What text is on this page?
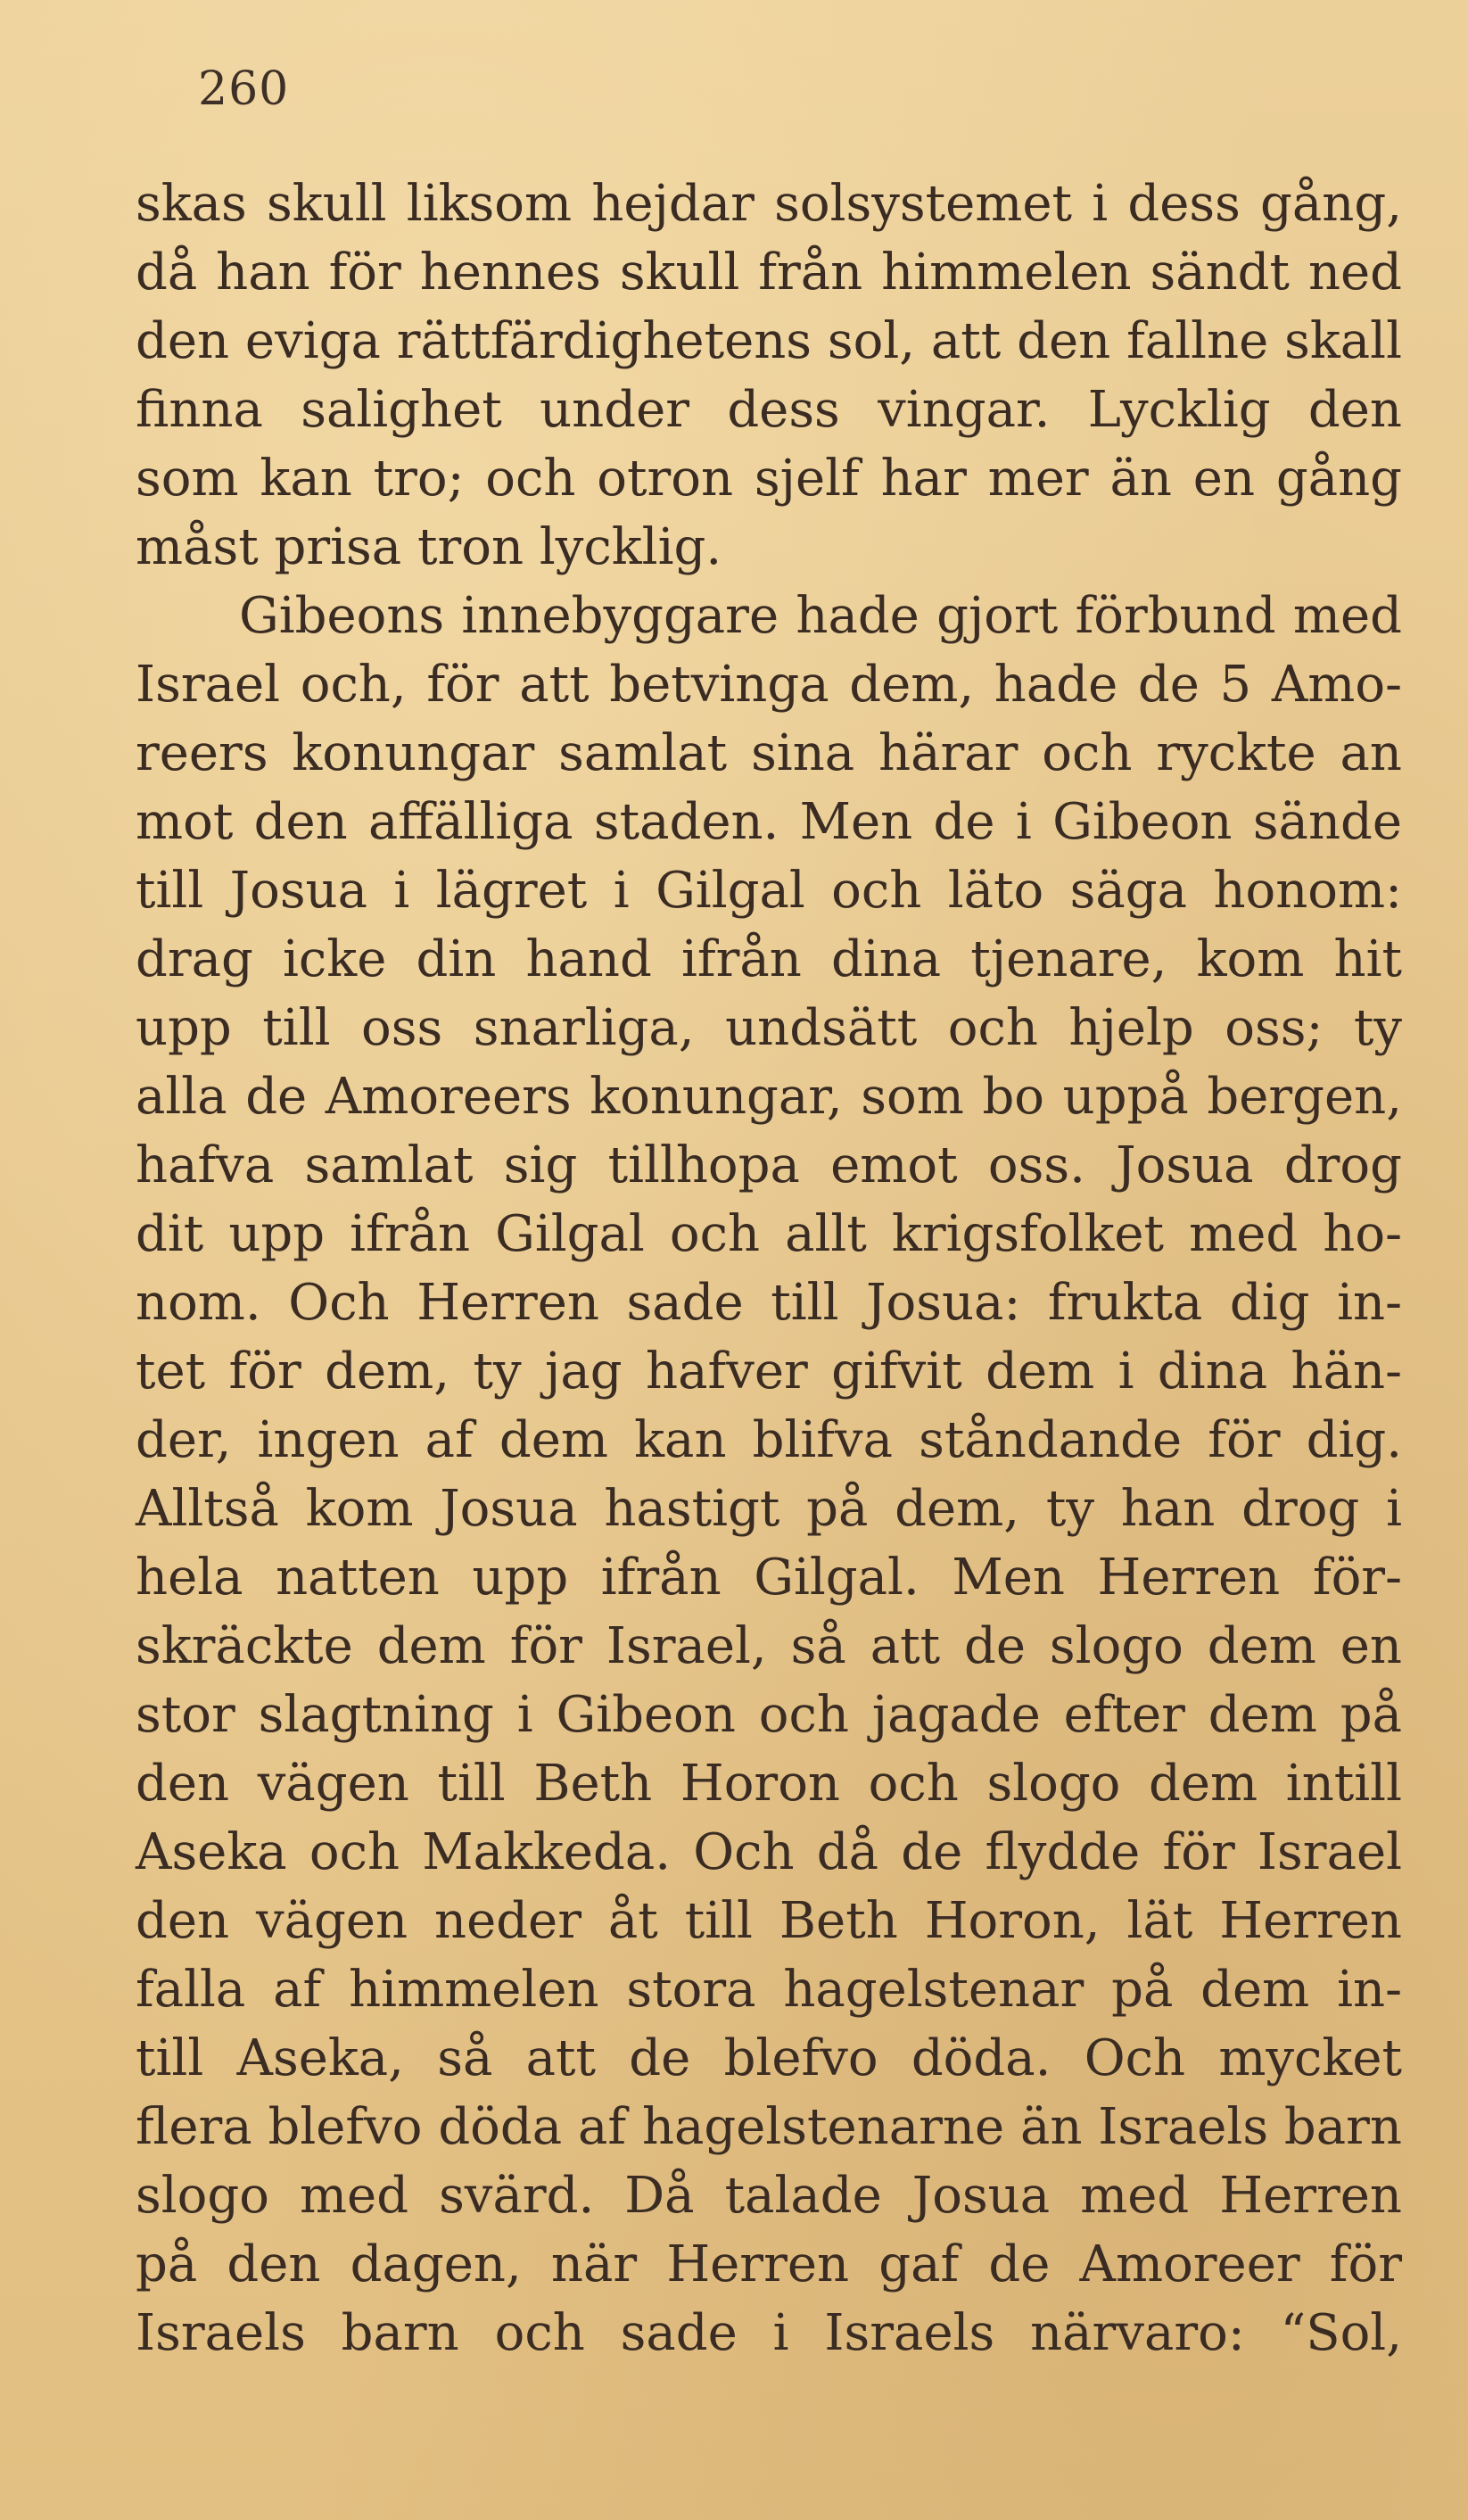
260
skas skull liksom hejdar solsystemet i dess gång,
då han för hennes skull från himmelen sändt ned
den eviga rättfärdighetens sol, att den fallne skall
finna salighet under dess vingar. Lycklig den
som kan tro; och otron sjelf har mer än en gång
måst prisa tron lycklig.
Gibeons innebyggare hade gjort förbund med
Israel och, för att betvinga dem, hade de 5 Amo-
reers konungar samlat sina härar och ryckte an
mot den affälliga staden. Men de i Gibeon sände
till Josua i lägret i Gilgal och läto säga honom:
drag icke din hand ifrån dina tjenare, kom hit
upp till oss snarliga, undsätt och hjelp oss; ty
alla de Amoreers konungar, som bo uppå bergen,
hafva samlat sig tillhopa emot oss. Josua drog
dit upp ifrån Gilgal och allt krigsfolket med ho-
nom. Och Herren sade till Josua: frukta dig in-
tet för dem, ty jag hafver gifvit dem i dina hän-
der, ingen af dem kan blifva ståndande för dig.
Alltså kom Josua hastigt på dem, ty han drog i
hela natten upp ifrån Gilgal. Men Herren för-
skräckte dem för Israel, så att de slogo dem en
stor slagtning i Gibeon och jagade efter dem på
den vägen till Beth Horon och slogo dem intill
Aseka och Makkeda. Och då de flydde för Israel
den vägen neder åt till Beth Horon, lät Herren
falla af himmelen stora hagelstenar på dem in-
till Aseka, så att de blefvo döda. Och mycket
flera blefvo döda af hagelstenarne än Israels barn
slogo med svärd. Då talade Josua med Herren
på den dagen, när Herren gaf de Amoreer för
Israels barn och sade i Israels närvaro: “Sol,
